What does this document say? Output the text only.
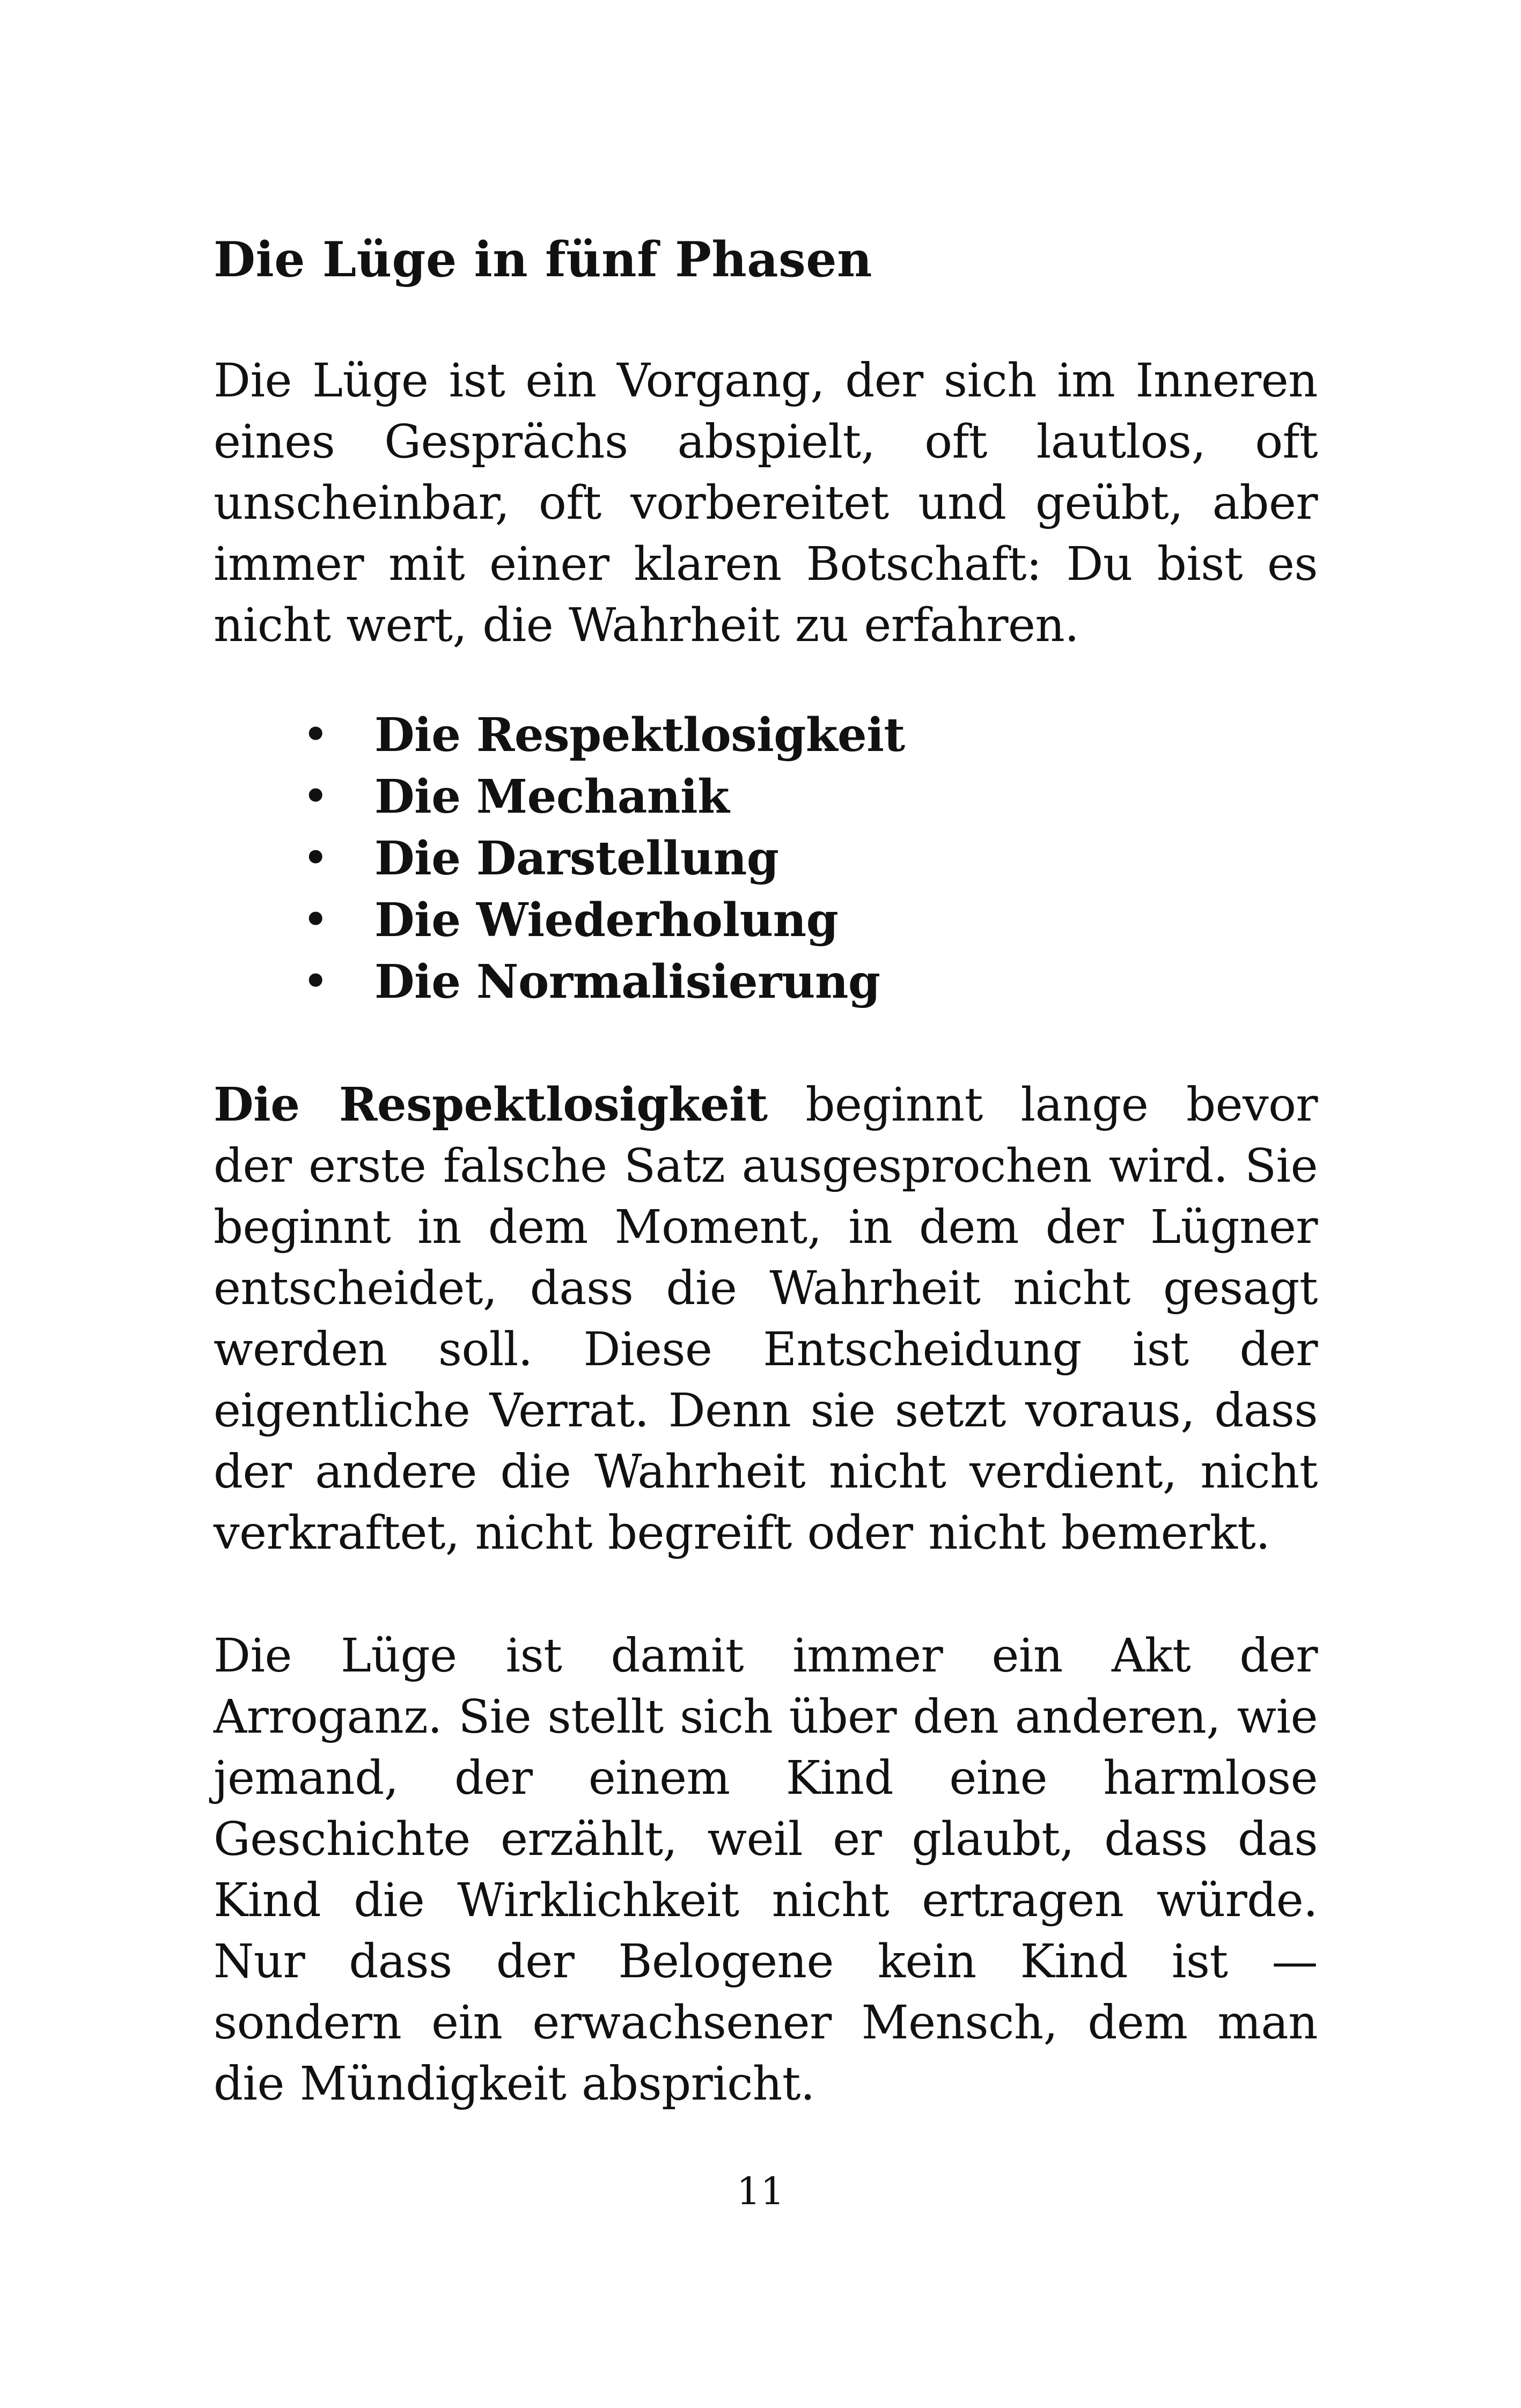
Die Lüge in fünf Phasen

Die Lüge ist ein Vorgang, der sich im Inneren eines Gesprächs abspielt, oft lautlos, oft unscheinbar, oft vorbereitet und geübt, aber immer mit einer klaren Botschaft: Du bist es nicht wert, die Wahrheit zu erfahren.

• Die Respektlosigkeit
• Die Mechanik
• Die Darstellung
• Die Wiederholung
• Die Normalisierung

Die Respektlosigkeit beginnt lange bevor der erste falsche Satz ausgesprochen wird. Sie beginnt in dem Moment, in dem der Lügner entscheidet, dass die Wahrheit nicht gesagt werden soll. Diese Entscheidung ist der eigentliche Verrat. Denn sie setzt voraus, dass der andere die Wahrheit nicht verdient, nicht verkraftet, nicht begreift oder nicht bemerkt.

Die Lüge ist damit immer ein Akt der Arroganz. Sie stellt sich über den anderen, wie jemand, der einem Kind eine harmlose Geschichte erzählt, weil er glaubt, dass das Kind die Wirklichkeit nicht ertragen würde. Nur dass der Belogene kein Kind ist — sondern ein erwachsener Mensch, dem man die Mündigkeit abspricht.

11
